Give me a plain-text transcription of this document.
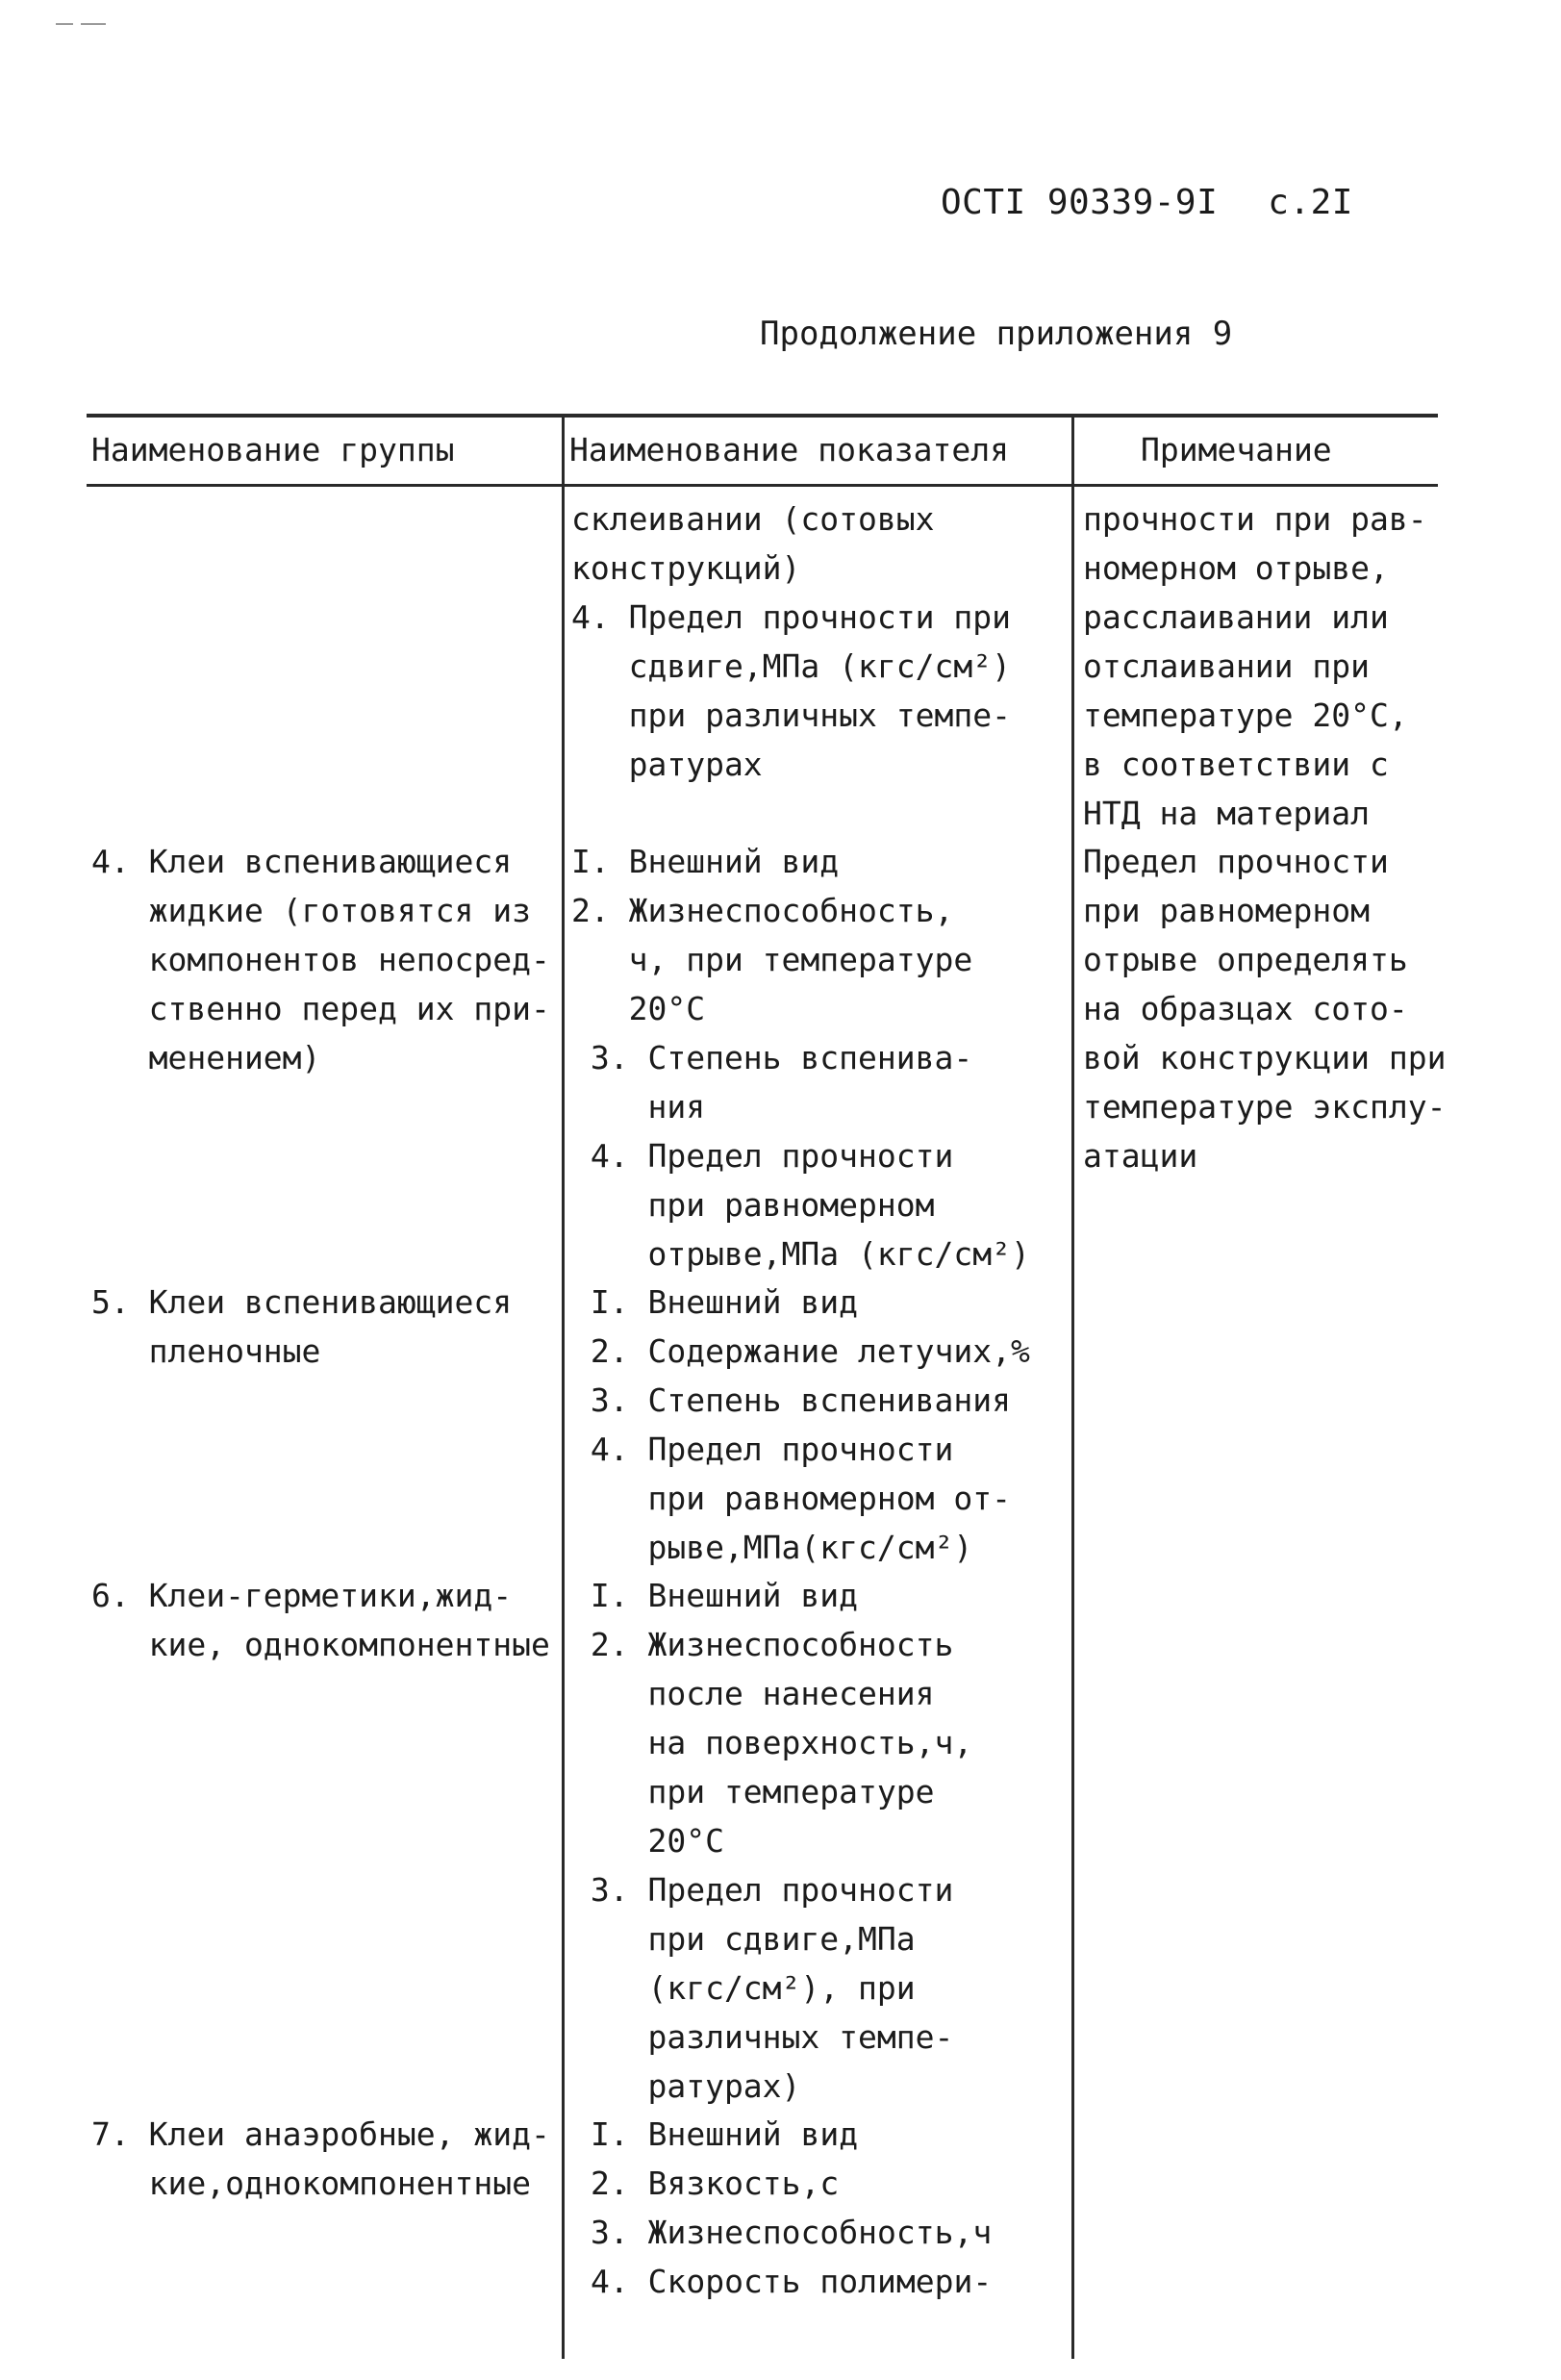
ОСТI 90339-9I с.2I
Продолжение приложения 9
Наименование группы	Наименование показателя	Примечание
4. Клеи вспенивающиеся
жидкие (готовятся из
компонентов непосред-
ственно перед их при-
менением)
5. Клеи вспенивающиеся
пленочные
6. Клеи-герметики,жид-
кие, однокомпонентные
7. Клеи анаэробные, жид-
кие,однокомпонентные
склеивании (сотовых
конструкций)
4. Предел прочности при
сдвиге,МПа (кгс/см²)
при различных темпе-
ратурах
I. Внешний вид
2. Жизнеспособность,
ч, при температуре
20°С
3. Степень вспенива-
ния
4. Предел прочности
при равномерном
отрыве,МПа (кгс/см²)
I. Внешний вид
2. Содержание летучих,%
3. Степень вспенивания
4. Предел прочности
при равномерном от-
рыве,МПа(кгс/см²)
I. Внешний вид
2. Жизнеспособность
после нанесения
на поверхность,ч,
при температуре
20°С
3. Предел прочности
при сдвиге,МПа
(кгс/см²), при
различных темпе-
ратурах)
I. Внешний вид
2. Вязкость,с
3. Жизнеспособность,ч
4. Скорость полимери-
прочности при рав-
номерном отрыве,
расслаивании или
отслаивании при
температуре 20°С,
в соответствии с
НТД на материал
Предел прочности
при равномерном
отрыве определять
на образцах сото-
вой конструкции при
температуре эксплу-
атации
